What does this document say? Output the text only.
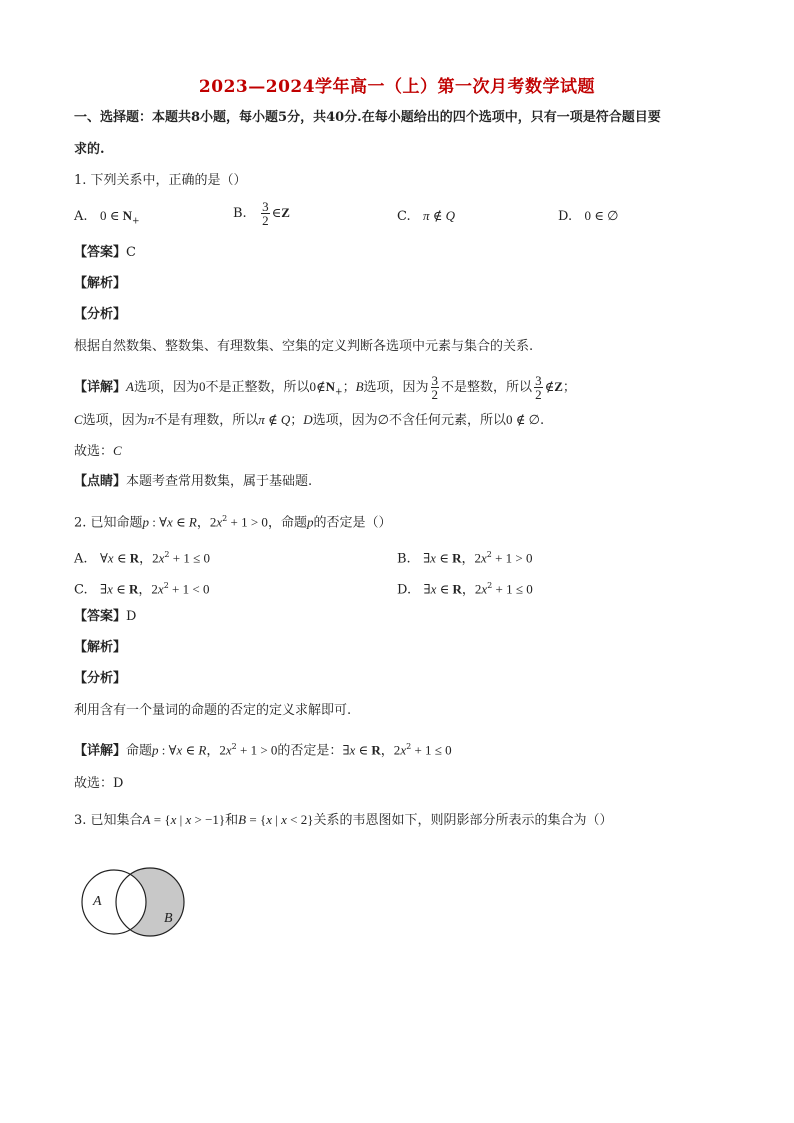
2023—2024学年高一（上）第一次月考数学试题
一、选择题：本题共8小题，每小题5分，共40分.在每小题给出的四个选项中，只有一项是符合题目要
求的.
1. 下列关系中，正确的是（）
A. 0 ∈ $N_+$
B. $\frac{3}{2}$ ∈Z	C. π ∉ Q	D. 0 ∈ ∅
【答案】C
【解析】
【分析】
根据自然数集、整数集、有理数集、空集的定义判断各选项中元素与集合的关系.
【详解】A选项，因为0不是正整数，所以$0\notin N_+$；B选项，因为 $\frac{3}{2}$ 不是整数，所以 $\frac{3}{2}$ ∉Z；
C选项，因为π不是有理数，所以π ∉ Q；D选项，因为∅不含任何元素，所以0 ∉ ∅.
故选：C
【点睛】本题考查常用数集，属于基础题.
2. 已知命题p : ∀x ∈ R，$2x^2 + 1 > 0$，命题p的否定是（）
A. ∀x ∈ R，$2x^2 + 1 \le 0$	B. ∃x ∈ R，$2x^2 + 1 > 0$
C. ∃x ∈ R，$2x^2 + 1 < 0$	D. ∃x ∈ R，$2x^2 + 1 \le 0$
【答案】D
【解析】
【分析】
利用含有一个量词的命题的否定的定义求解即可.
【详解】命题p : ∀x ∈ R，$2x^2 + 1 > 0$的否定是：∃x ∈ R，$2x^2 + 1 \le 0$
故选：D
3. 已知集合A = {x | x > −1}和B = {x | x < 2}关系的韦恩图如下，则阴影部分所表示的集合为（）
A
B
